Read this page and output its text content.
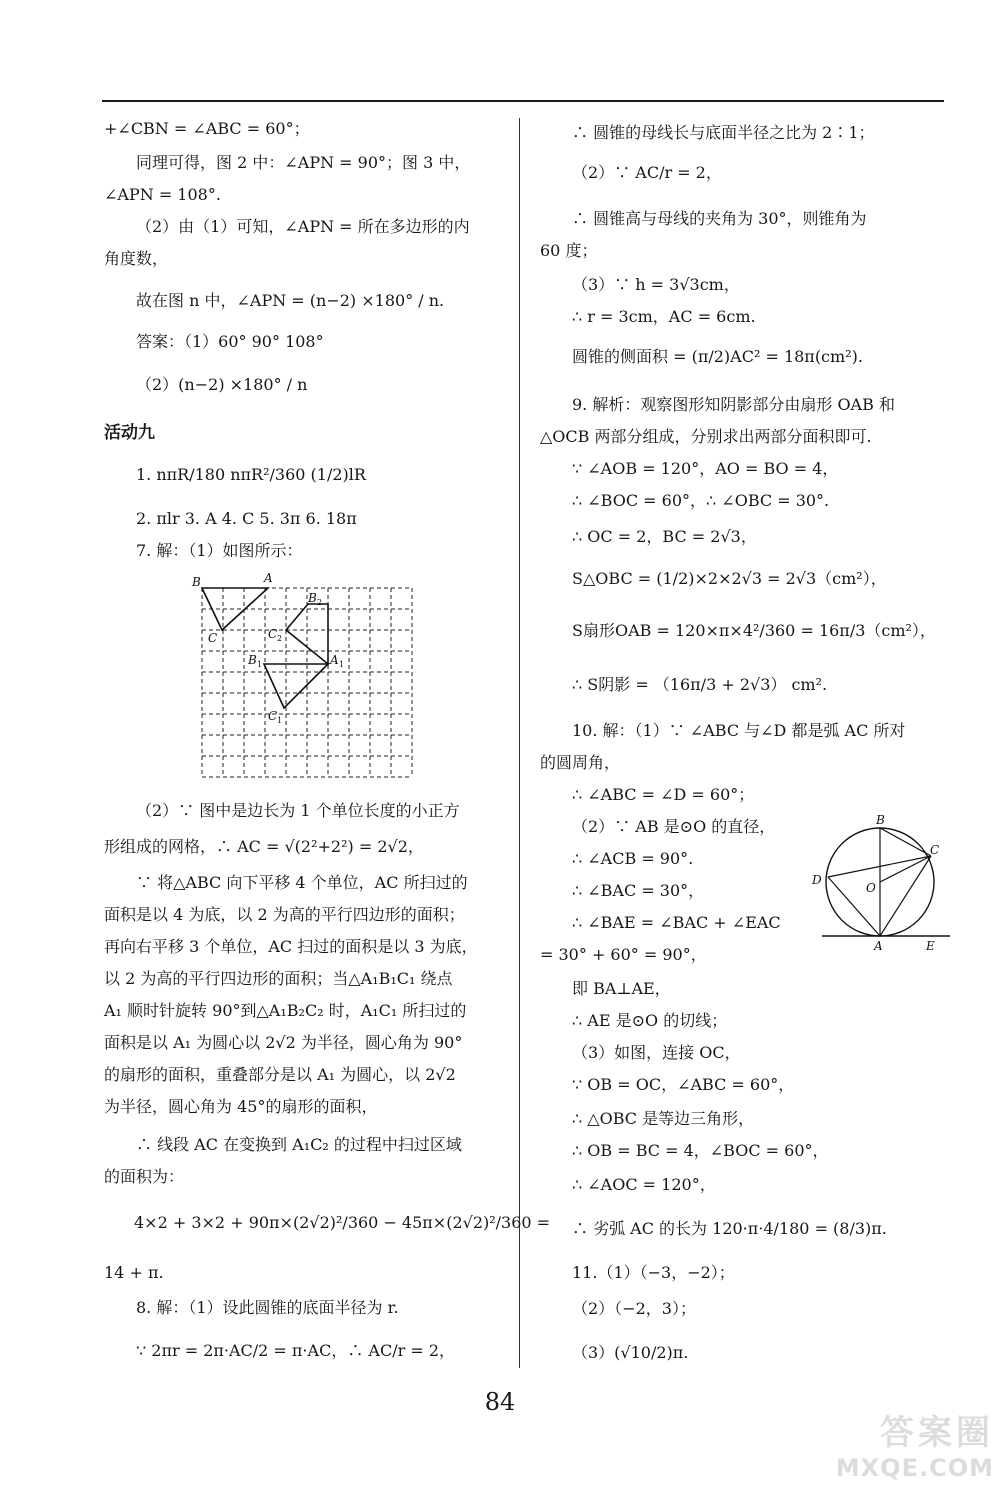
+∠CBN = ∠ABC = 60°；
同理可得，图 2 中：∠APN = 90°；图 3 中，
∠APN = 108°.
（2）由（1）可知，∠APN = 所在多边形的内
角度数，
故在图 n 中，∠APN = (n−2) ×180° / n.
答案：（1）60° 90° 108°
（2）(n−2) ×180° / n
活动九
1. nπR/180 nπR²/360 (1/2)lR
2. πlr 3. A 4. C 5. 3π 6. 18π
7. 解：（1）如图所示：
（2）∵ 图中是边长为 1 个单位长度的小正方
形组成的网格，∴ AC = √(2²+2²) = 2√2，
∵ 将△ABC 向下平移 4 个单位，AC 所扫过的
面积是以 4 为底，以 2 为高的平行四边形的面积；
再向右平移 3 个单位，AC 扫过的面积是以 3 为底，
以 2 为高的平行四边形的面积；当△A₁B₁C₁ 绕点
A₁ 顺时针旋转 90°到△A₁B₂C₂ 时，A₁C₁ 所扫过的
面积是以 A₁ 为圆心以 2√2 为半径，圆心角为 90°
的扇形的面积，重叠部分是以 A₁ 为圆心，以 2√2
为半径，圆心角为 45°的扇形的面积，
∴ 线段 AC 在变换到 A₁C₂ 的过程中扫过区域
的面积为：
4×2 + 3×2 + 90π×(2√2)²/360 − 45π×(2√2)²/360 =
14 + π.
8. 解：（1）设此圆锥的底面半径为 r.
∵ 2πr = 2π·AC/2 = π·AC，∴ AC/r = 2，
B	A
C
B 2
C 2
B 1	A 1
C 1
∴ 圆锥的母线长与底面半径之比为 2∶1；
（2）∵ AC/r = 2，
∴ 圆锥高与母线的夹角为 30°，则锥角为
60 度；
（3）∵ h = 3√3cm，
∴ r = 3cm，AC = 6cm.
圆锥的侧面积 = (π/2)AC² = 18π(cm²).
9. 解析：观察图形知阴影部分由扇形 OAB 和
△OCB 两部分组成，分别求出两部分面积即可.
∵ ∠AOB = 120°，AO = BO = 4，
∴ ∠BOC = 60°，∴ ∠OBC = 30°.
∴ OC = 2，BC = 2√3，
S△OBC = (1/2)×2×2√3 = 2√3（cm²），
S扇形OAB = 120×π×4²/360 = 16π/3（cm²），
∴ S阴影 = （16π/3 + 2√3） cm².
10. 解：（1）∵ ∠ABC 与∠D 都是弧 AC 所对
的圆周角，
∴ ∠ABC = ∠D = 60°；
（2）∵ AB 是⊙O 的直径，
∴ ∠ACB = 90°.
∴ ∠BAC = 30°，
∴ ∠BAE = ∠BAC + ∠EAC
= 30° + 60° = 90°，
即 BA⊥AE，
∴ AE 是⊙O 的切线；
（3）如图，连接 OC，
∵ OB = OC，∠ABC = 60°，
∴ △OBC 是等边三角形，
∴ OB = BC = 4，∠BOC = 60°，
∴ ∠AOC = 120°，
∴ 劣弧 AC 的长为 120·π·4/180 = (8/3)π.
11.（1）（−3，−2）；
（2）（−2，3）；
（3）(√10/2)π.
B
C
D
O
A	E
84
答案圈
MXQE.COM
